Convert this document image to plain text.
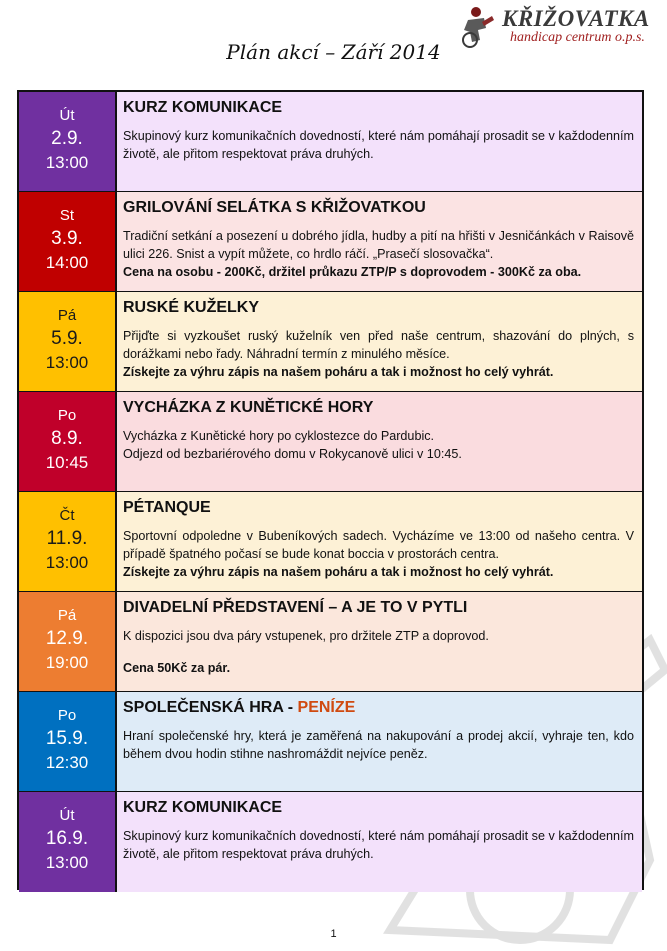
KŘIŽOVATKA
handicap centrum o.p.s.
Plán akcí – Září 2014
Út
2.9.
13:00

KURZ KOMUNIKACE

Skupinový kurz komunikačních dovedností, které nám pomáhají prosadit se v každodenním životě, ale přitom respektovat práva druhých.

St
3.9.
14:00

GRILOVÁNÍ SELÁTKA S KŘIŽOVATKOU

Tradiční setkání a posezení u dobrého jídla, hudby a pití na hřišti v Jesničánkách v Raisově ulici 226. Snist a vypít můžete, co hrdlo ráčí. „Prasečí slosovačka“.

Cena na osobu - 200Kč, držitel průkazu ZTP/P s doprovodem - 300Kč za oba.

Pá
5.9.
13:00

RUSKÉ KUŽELKY

Přijďte si vyzkoušet ruský kuželník ven před naše centrum, shazování do plných, s dorážkami nebo řady. Náhradní termín z minulého měsíce.

Získejte za výhru zápis na našem poháru a tak i možnost ho celý vyhrát.

Po
8.9.
10:45

VYCHÁZKA Z KUNĚTICKÉ HORY

Vycházka z Kunětické hory po cyklostezce do Pardubic.

Odjezd od bezbariérového domu v Rokycanově ulici v 10:45.

Čt
11.9.
13:00

PÉTANQUE

Sportovní odpoledne v Bubeníkových sadech. Vycházíme ve 13:00 od našeho centra. V případě špatného počasí se bude konat boccia v prostorách centra.

Získejte za výhru zápis na našem poháru a tak i možnost ho celý vyhrát.

Pá
12.9.
19:00

DIVADELNÍ PŘEDSTAVENÍ – A JE TO V PYTLI

K dispozici jsou dva páry vstupenek, pro držitele ZTP a doprovod.

Cena 50Kč za pár.

Po
15.9.
12:30

SPOLEČENSKÁ HRA - PENÍZE

Hraní společenské hry, která je zaměřená na nakupování a prodej akcií, vyhraje ten, kdo během dvou hodin stihne nashromáždit nejvíce peněz.

Út
16.9.
13:00

KURZ KOMUNIKACE

Skupinový kurz komunikačních dovedností, které nám pomáhají prosadit se v každodenním životě, ale přitom respektovat práva druhých.

1
